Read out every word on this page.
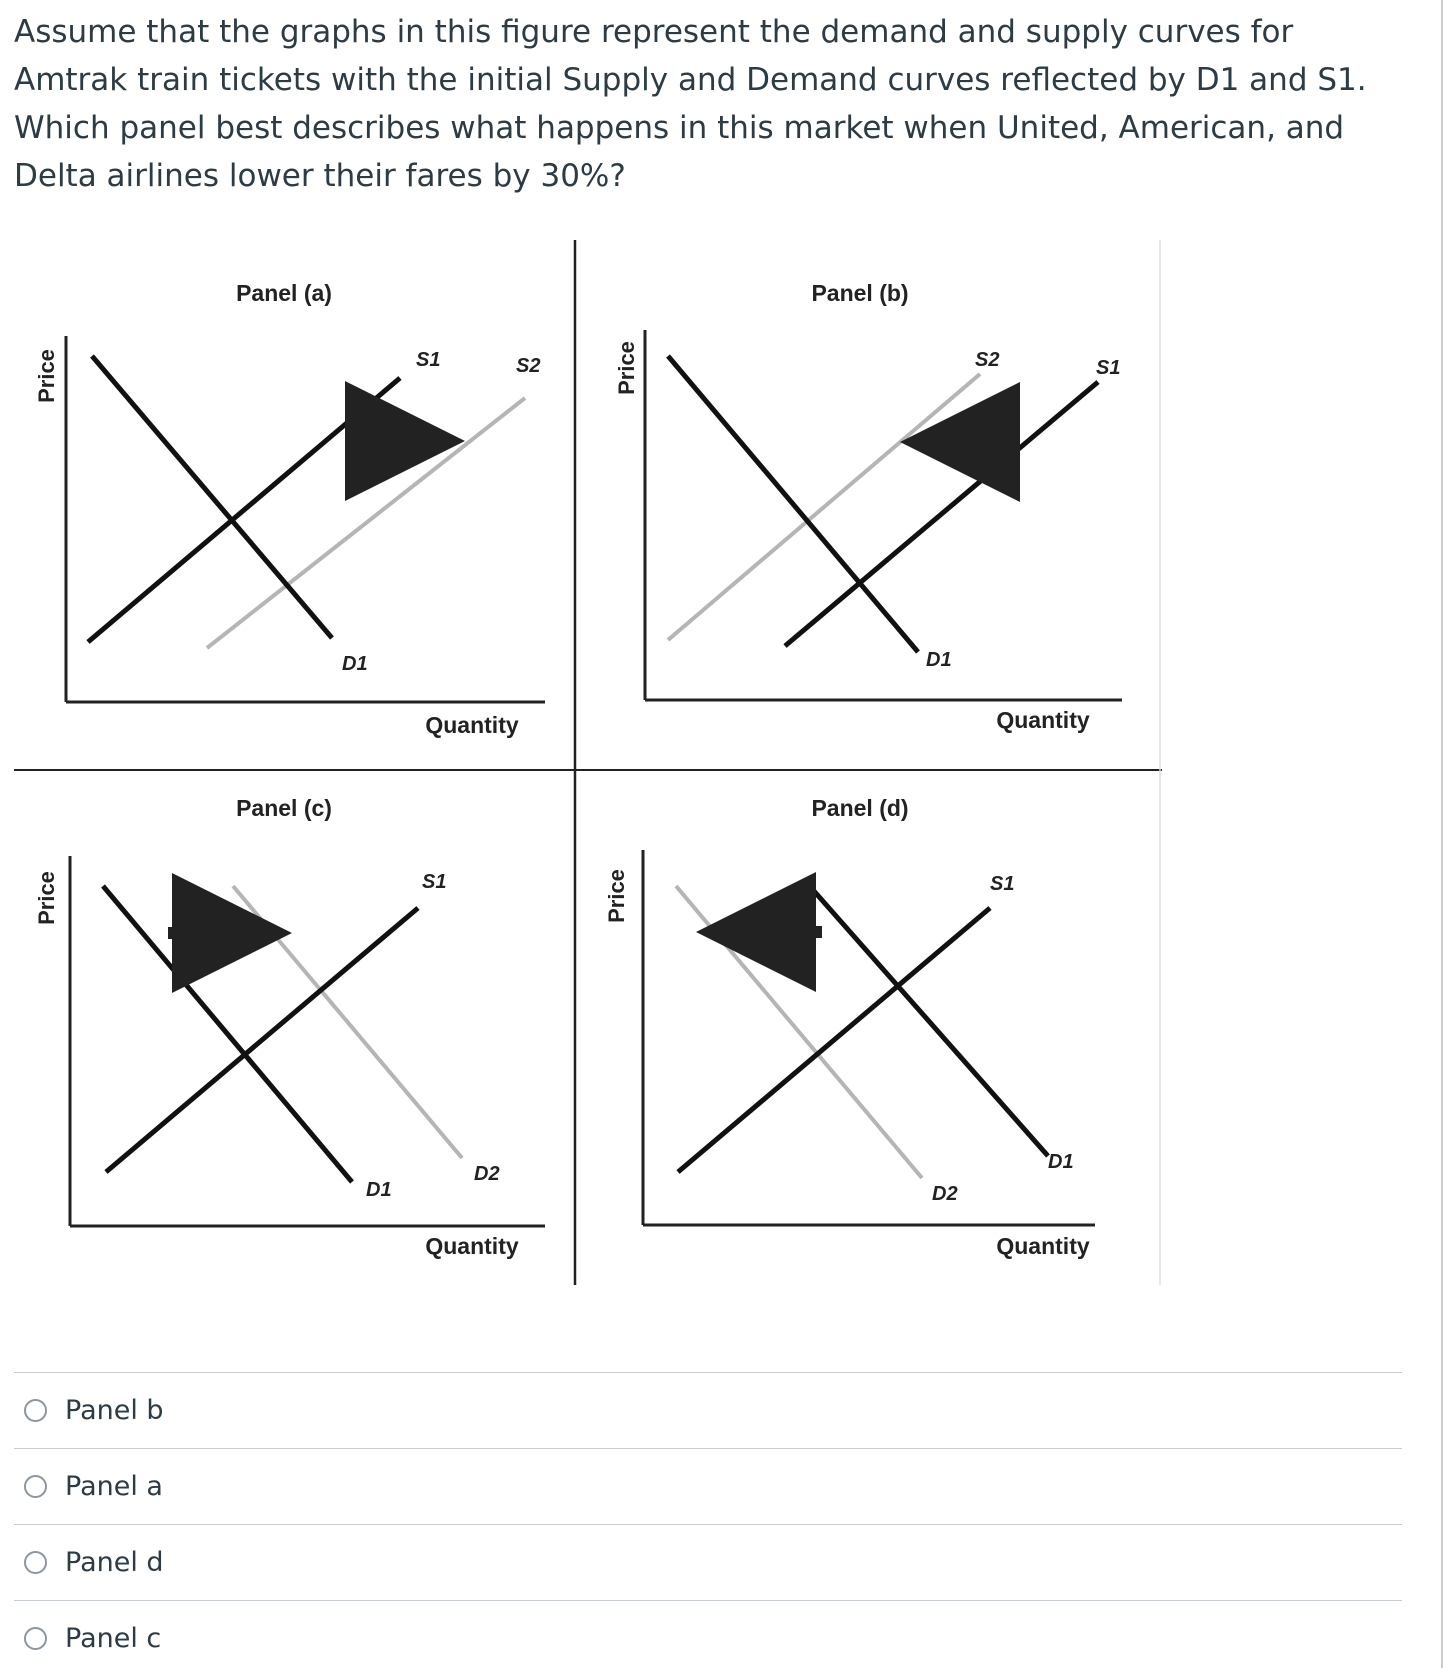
Assume that the graphs in this figure represent the demand and supply curves for Amtrak train tickets with the initial Supply and Demand curves reflected by D1 and S1. Which panel best describes what happens in this market when United, American, and Delta airlines lower their fares by 30%?

Panel (a)
Price
Quantity
S1	S2
D1
Panel (b)
Price
Quantity
S2	S1
D1
Panel (c)
Price
Quantity
S1
D1
D2
Panel (d)
Price
Quantity
S1
D1
D2
Panel b
Panel a
Panel d
Panel c
